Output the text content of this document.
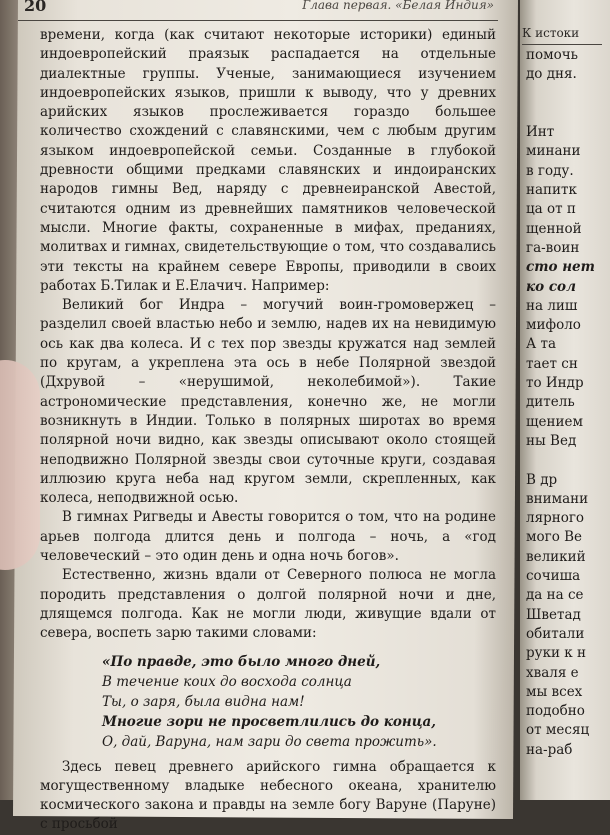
20	Глава первая. «Белая Индия»

времени, когда (как считают некоторые историки) единый индоевропейский праязык распадается на отдельные диалектные группы. Ученые, занимающиеся изучением индоевропейских языков, пришли к выводу, что у древних арийских языков прослеживается гораздо большее количество схождений с славянскими, чем с любым другим языком индоевропейской семьи. Созданные в глубокой древности общими предками славянских и индоиранских народов гимны Вед, наряду с древнеиранской Авестой, считаются одним из древнейших памятников человеческой мысли. Многие факты, сохраненные в мифах, преданиях, молитвах и гимнах, свидетельствующие о том, что создавались эти тексты на крайнем севере Европы, приводили в своих работах Б.Тилак и Е.Елачич. Например:

Великий бог Индра – могучий воин-громовержец – разделил своей властью небо и землю, надев их на невидимую ось как два колеса. И с тех пор звезды кружатся над землей по кругам, а укреплена эта ось в небе Полярной звездой (Дхрувой – «нерушимой, неколебимой»). Такие астрономические представления, конечно же, не могли возникнуть в Индии. Только в полярных широтах во время полярной ночи видно, как звезды описывают около стоящей неподвижно Полярной звезды свои суточные круги, создавая иллюзию круга неба над кругом земли, скрепленных, как колеса, неподвижной осью.

В гимнах Ригведы и Авесты говорится о том, что на родине арьев полгода длится день и полгода – ночь, а «год человеческий – это один день и одна ночь богов».

Естественно, жизнь вдали от Северного полюса не могла породить представления о долгой полярной ночи и дне, длящемся полгода. Как не могли люди, живущие вдали от севера, воспеть зарю такими словами:

«По правде, это было много дней,
В течение коих до восхода солнца
Ты, о заря, была видна нам!
Многие зори не просветлились до конца,
О, дай, Варуна, нам зари до света прожить».

Здесь певец древнего арийского гимна обращается к могущественному владыке небесного океана, хранителю космического закона и правды на земле богу Варуне (Паруне) с просьбой

К истоки
помочь
до дня.

Инт
минани
в году.
напитк
ца от п
щенной
га-воин
сто нет
ко сол
на лиш
мифоло
А та
тает сн
то Индр
дитель
щением
ны Вед

В др
внимани
лярного
мого Ве
великий
сочиша
да на се
Шветад
обитали
руки к н
хваля е
мы всех
подобно
от месяц
на-раб
